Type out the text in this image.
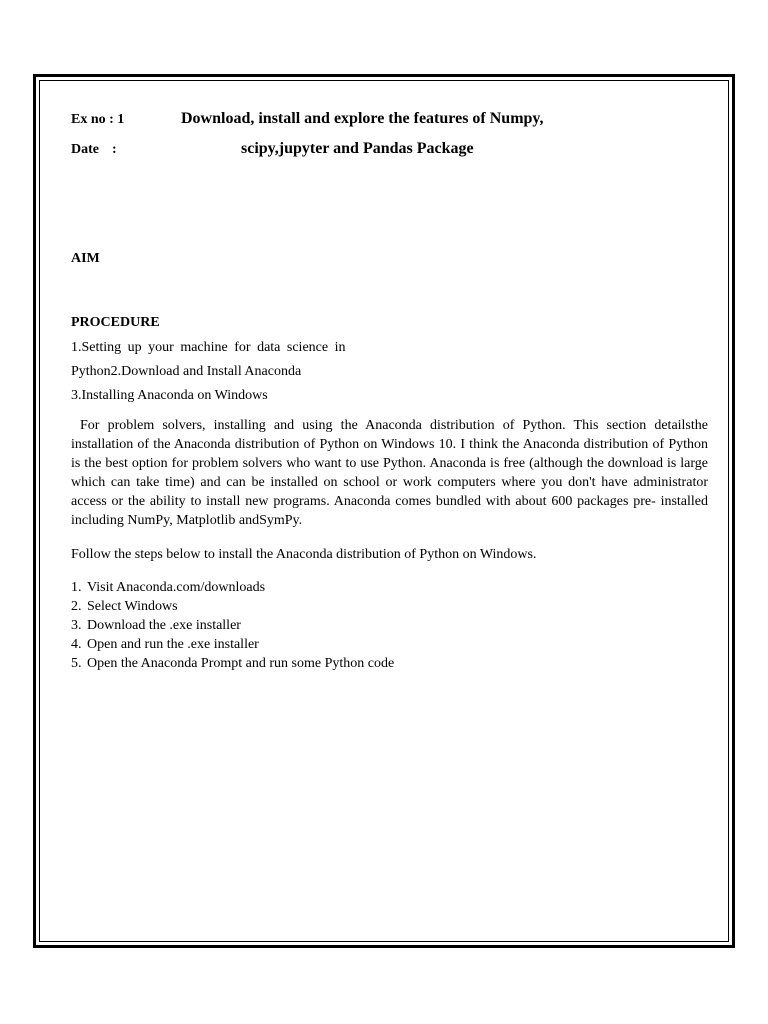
Ex no : 1	Download, install and explore the features of Numpy,
Date :	scipy,jupyter and Pandas Package
AIM
PROCEDURE
1.Setting up your machine for data science in
Python2.Download and Install Anaconda
3.Installing Anaconda on Windows
For problem solvers, installing and using the Anaconda distribution of Python. This section detailsthe installation of the Anaconda distribution of Python on Windows 10. I think the Anaconda distribution of Python is the best option for problem solvers who want to use Python. Anaconda is free (although the download is large which can take time) and can be installed on school or work computers where you don't have administrator access or the ability to install new programs. Anaconda comes bundled with about 600 packages pre- installed including NumPy, Matplotlib andSymPy.
Follow the steps below to install the Anaconda distribution of Python on Windows.
1. Visit Anaconda.com/downloads
2. Select Windows
3. Download the .exe installer
4. Open and run the .exe installer
5. Open the Anaconda Prompt and run some Python code
